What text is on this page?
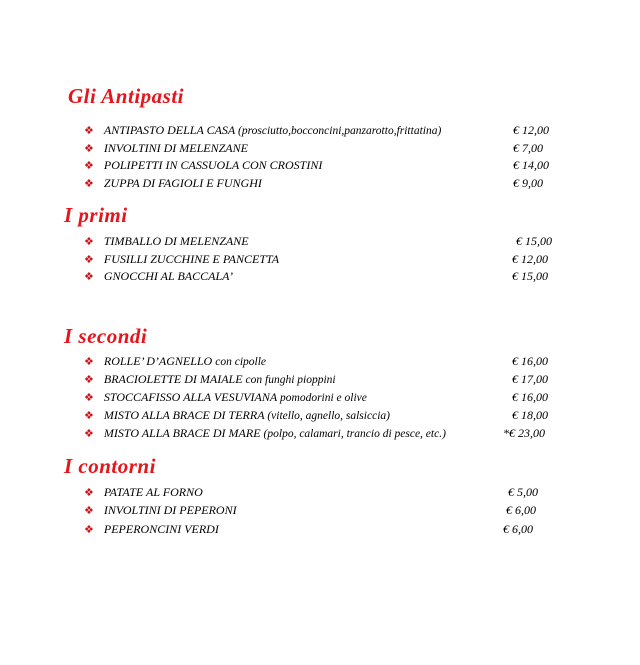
Gli Antipasti
❖ ANTIPASTO DELLA CASA (prosciutto,bocconcini,panzarotto,frittatina)	€ 12,00
❖ INVOLTINI DI MELENZANE	€ 7,00
❖ POLIPETTI IN CASSUOLA CON CROSTINI	€ 14,00
❖ ZUPPA DI FAGIOLI E FUNGHI	€ 9,00
I primi
❖ TIMBALLO DI MELENZANE	€ 15,00
❖ FUSILLI ZUCCHINE E PANCETTA	€ 12,00
❖ GNOCCHI AL BACCALA’	€ 15,00
I secondi
❖ ROLLE’ D’AGNELLO con cipolle	€ 16,00
❖ BRACIOLETTE DI MAIALE con funghi pioppini	€ 17,00
❖ STOCCAFISSO ALLA VESUVIANA pomodorini e olive	€ 16,00
❖ MISTO ALLA BRACE DI TERRA (vitello, agnello, salsiccia)	€ 18,00
❖ MISTO ALLA BRACE DI MARE (polpo, calamari, trancio di pesce, etc.)	*€ 23,00
I contorni
❖ PATATE AL FORNO	€ 5,00
❖ INVOLTINI DI PEPERONI	€ 6,00
❖ PEPERONCINI VERDI	€ 6,00
